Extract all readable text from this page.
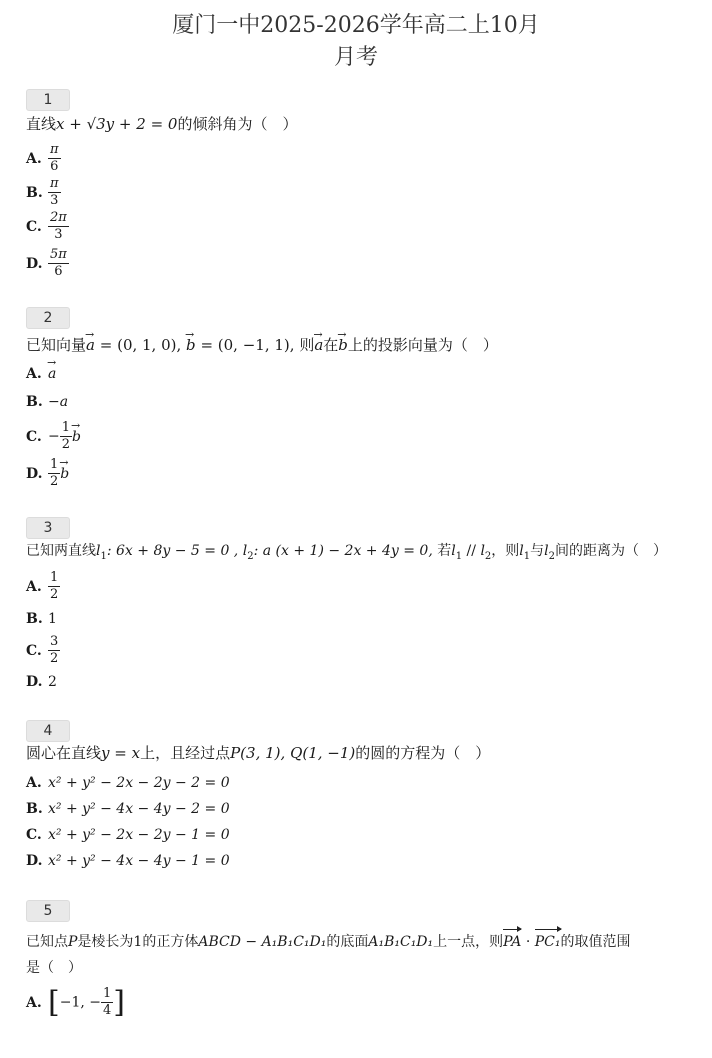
厦门一中2025-2026学年高二上10月
月考
1
直线x + √3y + 2 = 0的倾斜角为（　）
A. $\frac{\pi}{6}$
B. $\frac{\pi}{3}$
C. $\frac{2\pi}{3}$
D. $\frac{5\pi}{6}$
2
已知向量→ a = (0, 1, 0), → b = (0, −1, 1), 则→ a在→ b上的投影向量为（　）
A.→ a
B. −a
C. − $\frac{1}{2}$
→ b
D. $\frac{1}{2}$
→ b
3
已知两直线$l_1$: 6x + 8y − 5 = 0 , $l_2$: a (x + 1) − 2x + 4y = 0, 若$l_1 // l_2$，则$l_1$与$l_2$间的距离为（　）
A. $\frac{1}{2}$
B. 1
C. $\frac{3}{2}$
D. 2
4
圆心在直线y = x上，且经过点P(3, 1), Q(1, −1)的圆的方程为（　）
A. x² + y² − 2x − 2y − 2 = 0
B. x² + y² − 4x − 4y − 2 = 0
C. x² + y² − 2x − 2y − 1 = 0
D. x² + y² − 4x − 4y − 1 = 0
5
已知点P是棱长为1的正方体ABCD − A₁B₁C₁D₁的底面A₁B₁C₁D₁上一点，则PA · PC₁的取值范围
是（　）
A. [−1, − $\frac{1}{4}$ ]
